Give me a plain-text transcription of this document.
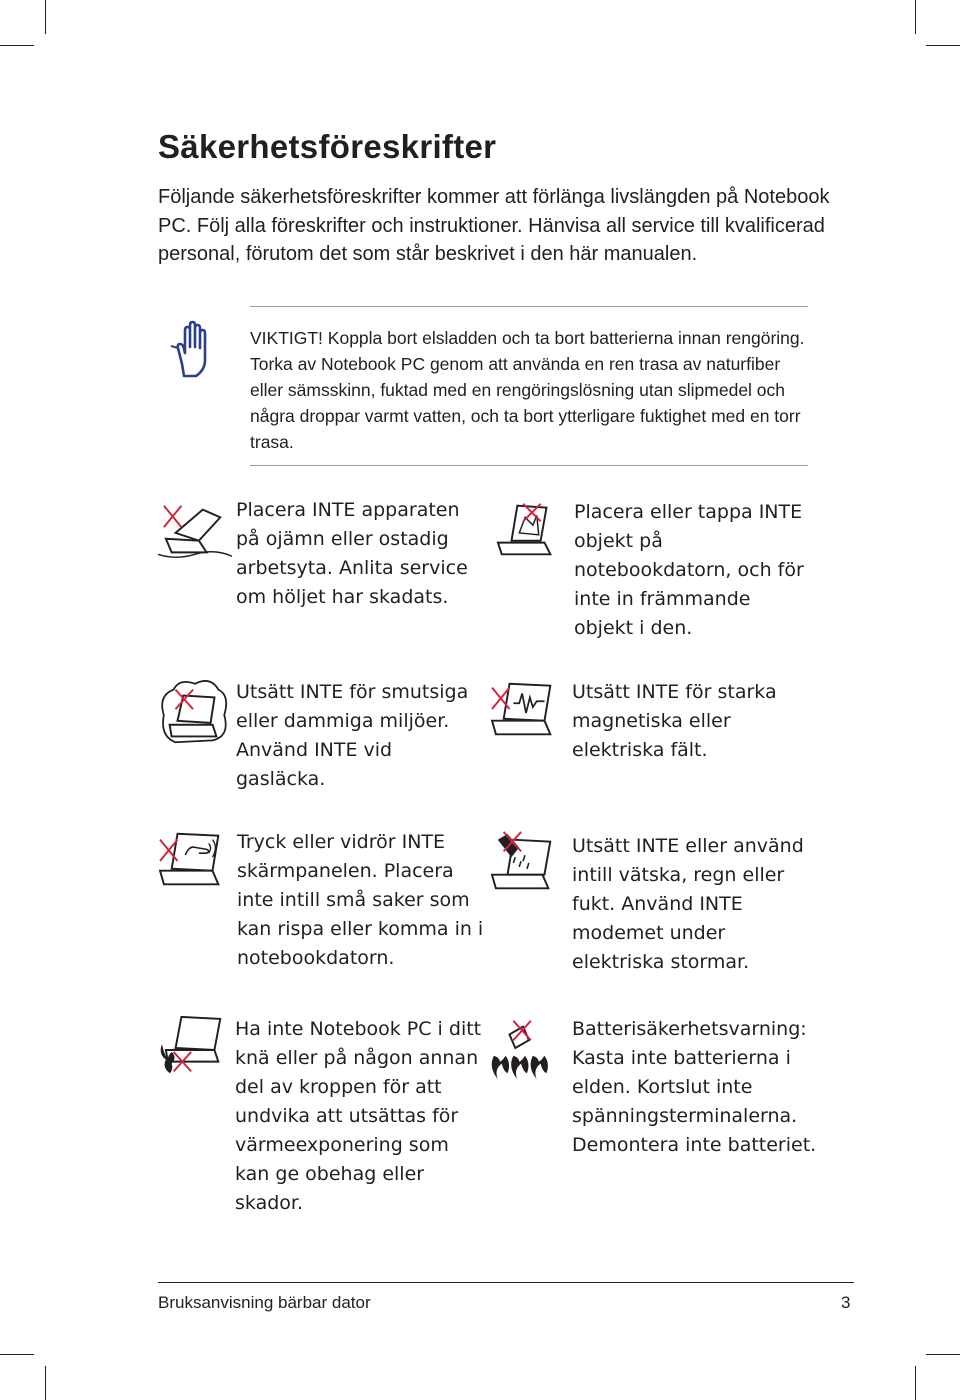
Säkerhetsföreskrifter

Följande säkerhetsföreskrifter kommer att förlänga livslängden på Notebook PC. Följ alla föreskrifter och instruktioner. Hänvisa all service till kvalificerad personal, förutom det som står beskrivet i den här manualen.

VIKTIGT! Koppla bort elsladden och ta bort batterierna innan rengöring. Torka av Notebook PC genom att använda en ren trasa av naturfiber eller sämsskinn, fuktad med en rengöringslösning utan slipmedel och några droppar varmt vatten, och ta bort ytterligare fuktighet med en torr trasa.

Placera INTE apparaten på ojämn eller ostadig arbetsyta. Anlita service om höljet har skadats.

Placera eller tappa INTE objekt på notebookdatorn, och för inte in främmande objekt i den.

Utsätt INTE för smutsiga eller dammiga miljöer. Använd INTE vid gasläcka.

Utsätt INTE för starka magnetiska eller elektriska fält.

Tryck eller vidrör INTE skärmpanelen. Placera inte intill små saker som kan rispa eller komma in i notebookdatorn.

Utsätt INTE eller använd intill vätska, regn eller fukt. Använd INTE modemet under elektriska stormar.

Ha inte Notebook PC i ditt knä eller på någon annan del av kroppen för att undvika att utsättas för värmeexponering som kan ge obehag eller skador.

Batterisäkerhetsvarning: Kasta inte batterierna i elden. Kortslut inte spänningsterminalerna. Demontera inte batteriet.

Bruksanvisning bärbar dator	3
